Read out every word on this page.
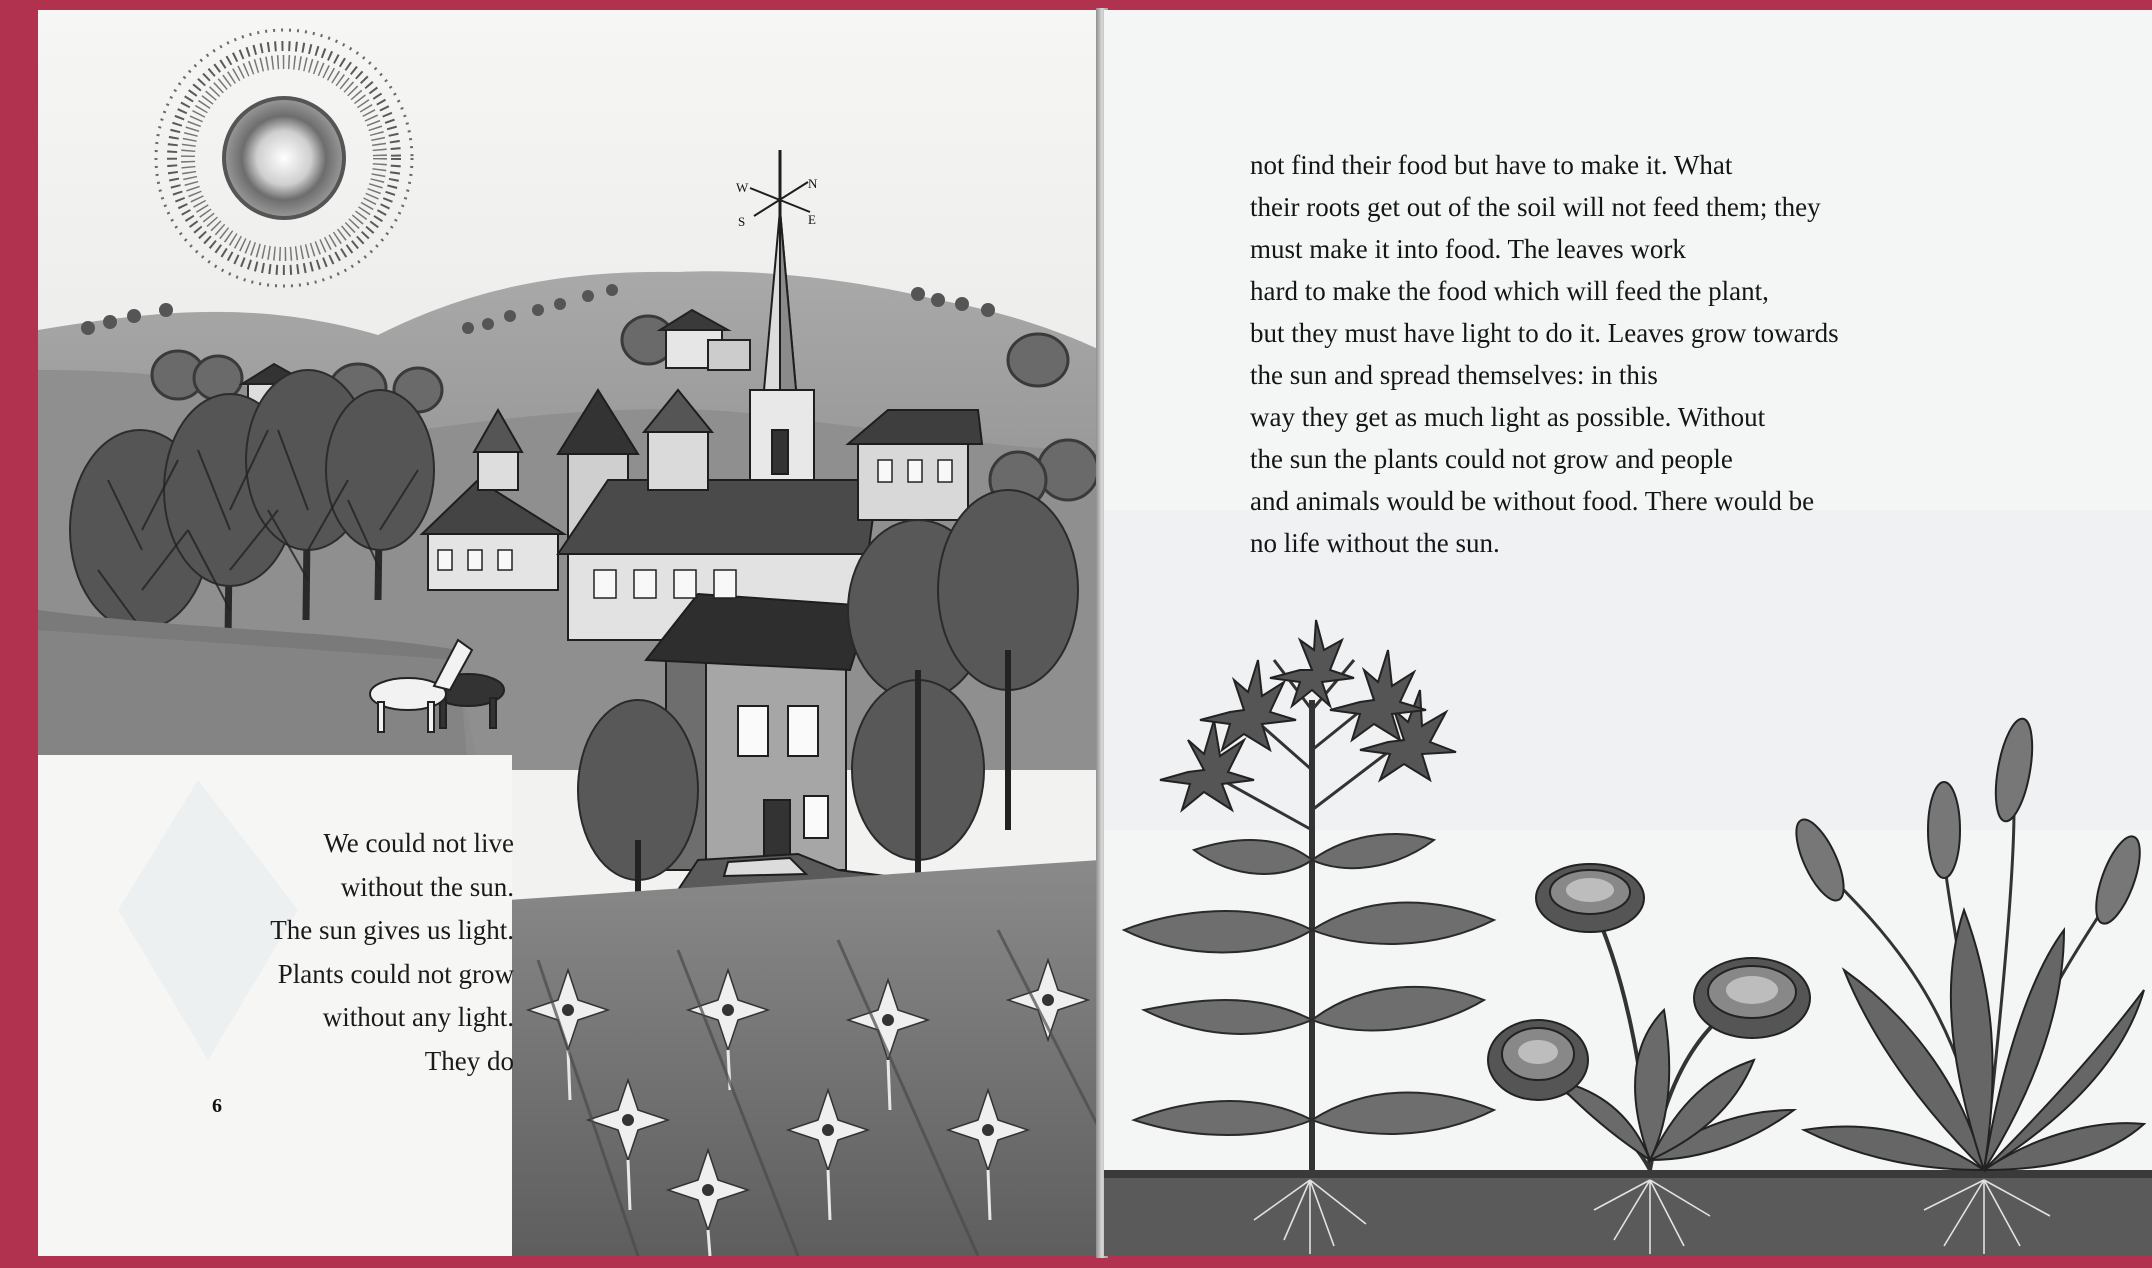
W	N
S	E
We could not live
without the sun.
The sun gives us light.
Plants could not grow
without any light.
They do
6
not find their food but have to make it. What
their roots get out of the soil will not feed them; they
must make it into food. The leaves work
hard to make the food which will feed the plant,
but they must have light to do it. Leaves grow towards
the sun and spread themselves: in this
way they get as much light as possible. Without
the sun the plants could not grow and people
and animals would be without food. There would be
no life without the sun.
